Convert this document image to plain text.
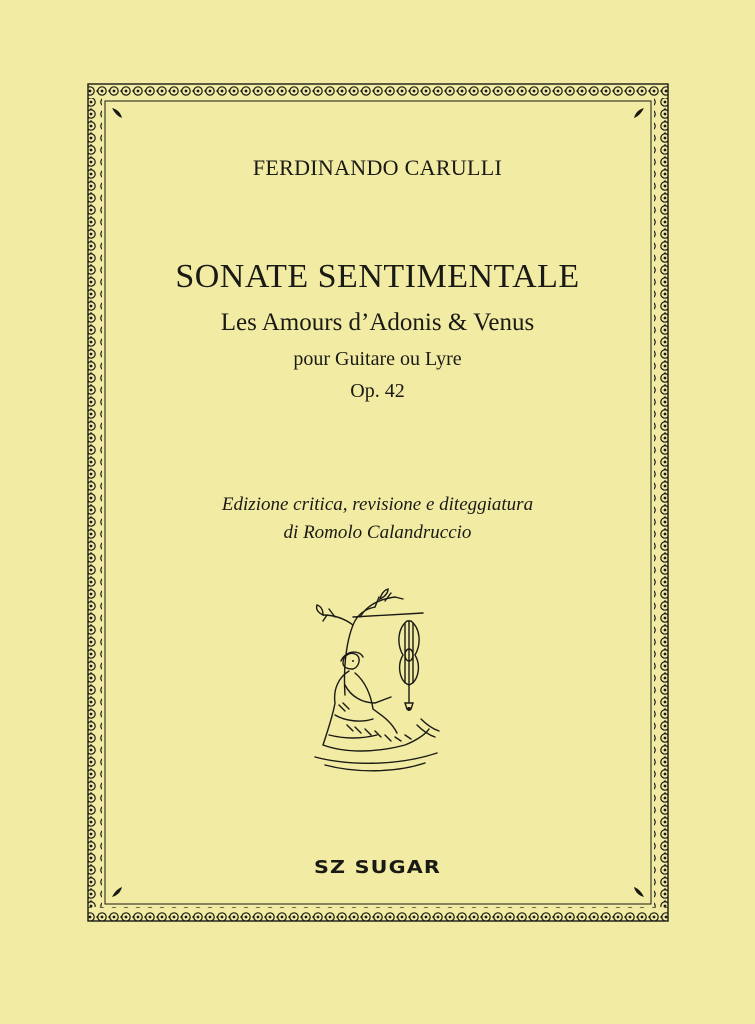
FERDINANDO CARULLI
SONATE SENTIMENTALE
Les Amours d’Adonis & Venus
pour Guitare ou Lyre
Op. 42
Edizione critica, revisione e diteggiatura
di Romolo Calandruccio
SZ SUGAR
